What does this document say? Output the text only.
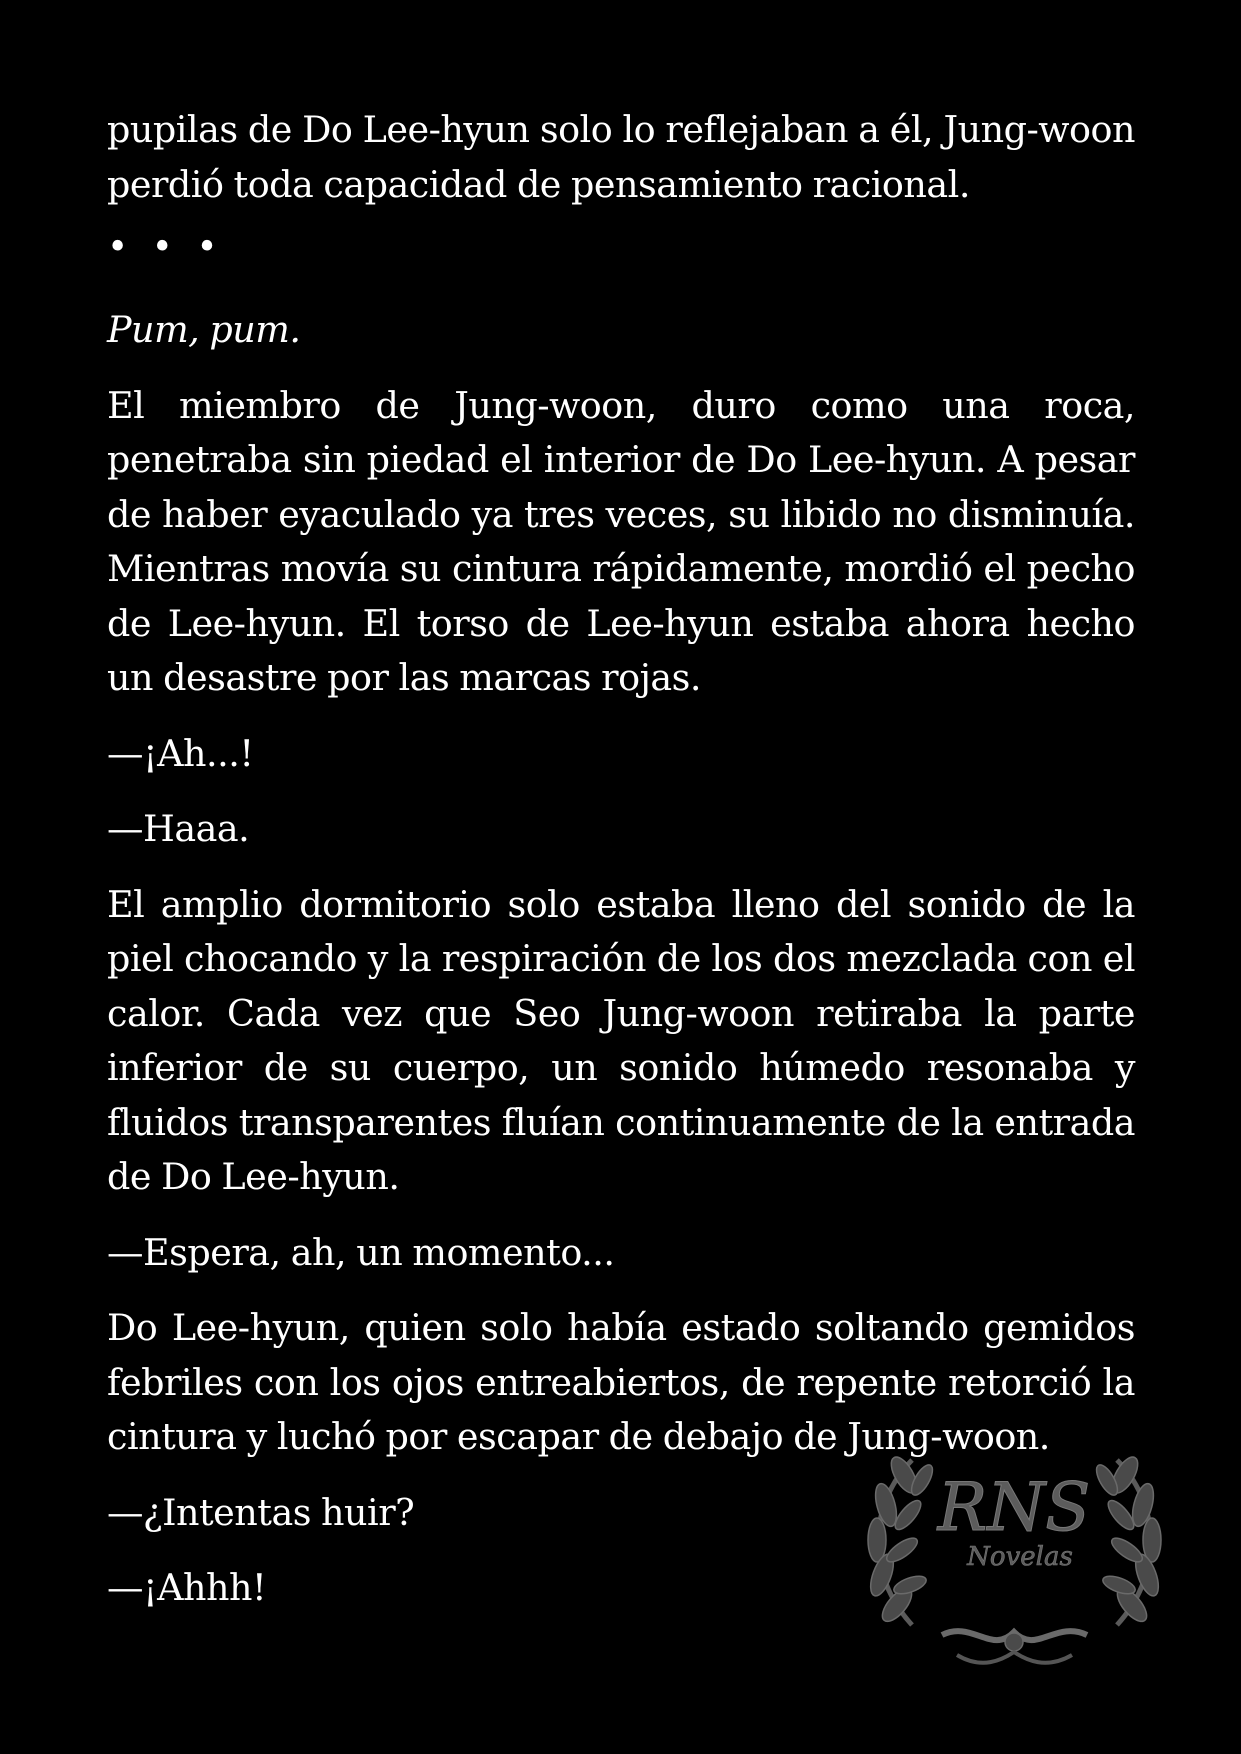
pupilas de Do Lee-hyun solo lo reflejaban a él, Jung-woon perdió toda capacidad de pensamiento racional.

• • •

Pum, pum.

El miembro de Jung-woon, duro como una roca, penetraba sin piedad el interior de Do Lee-hyun. A pesar de haber eyaculado ya tres veces, su libido no disminuía. Mientras movía su cintura rápidamente, mordió el pecho de Lee-hyun. El torso de Lee-hyun estaba ahora hecho un desastre por las marcas rojas.

—¡Ah...!

—Haaa.

El amplio dormitorio solo estaba lleno del sonido de la piel chocando y la respiración de los dos mezclada con el calor. Cada vez que Seo Jung-woon retiraba la parte inferior de su cuerpo, un sonido húmedo resonaba y fluidos transparentes fluían continuamente de la entrada de Do Lee-hyun.

—Espera, ah, un momento...

Do Lee-hyun, quien solo había estado soltando gemidos febriles con los ojos entreabiertos, de repente retorció la cintura y luchó por escapar de debajo de Jung-woon.

—¿Intentas huir?

—¡Ahhh!

RNS
Novelas
